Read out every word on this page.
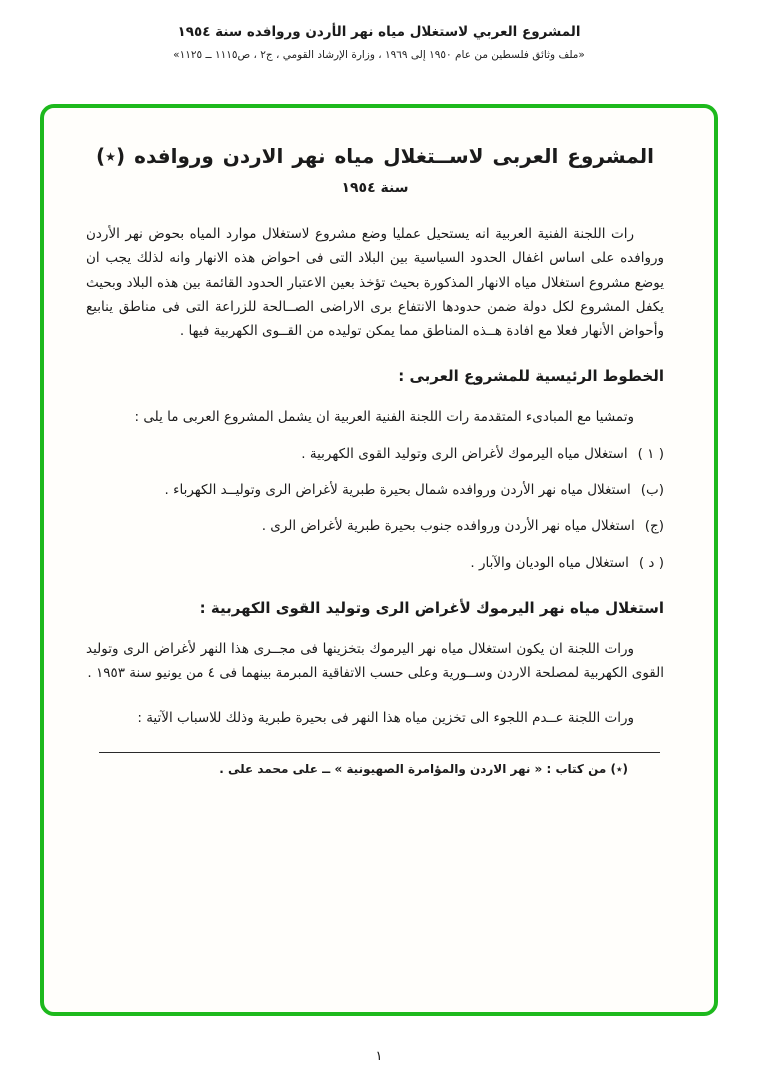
المشروع العربي لاستغلال مياه نهر الأردن وروافده سنة ١٩٥٤
«ملف وثائق فلسطين من عام ١٩٥٠ إلى ١٩٦٩ ، وزارة الإرشاد القومي ، ج٢ ، ص١١١٥ ــ ١١٢٥»
المشروع العربى لاســتغلال مياه نهر الاردن وروافده (٭)
سنة ١٩٥٤

رات اللجنة الفنية العربية انه يستحيل عمليا وضع مشروع لاستغلال موارد المياه بحوض نهر الأردن وروافده على اساس اغفال الحدود السياسية بين البلاد التى فى احواض هذه الانهار وانه لذلك يجب ان يوضع مشروع استغلال مياه الانهار المذكورة بحيث تؤخذ بعين الاعتبار الحدود القائمة بين هذه البلاد وبحيث يكفل المشروع لكل دولة ضمن حدودها الانتفاع برى الاراضى الصــالحة للزراعة التى فى مناطق ينابيع وأحواض الأنهار فعلا مع افادة هــذه المناطق مما يمكن توليده من القــوى الكهربية فيها .

الخطوط الرئيسية للمشروع العربى :

وتمشيا مع المبادىء المتقدمة رات اللجنة الفنية العربية ان يشمل المشروع العربى ما يلى :

( ١ )
استغلال مياه اليرموك لأغراض الرى وتوليد القوى الكهربية .
(ب)
استغلال مياه نهر الأردن وروافده شمال بحيرة طبرية لأغراض الرى وتوليــد الكهرباء .
(ج)
استغلال مياه نهر الأردن وروافده جنوب بحيرة طبرية لأغراض الرى .
( د )
استغلال مياه الوديان والآبار .
استغلال مياه نهر اليرموك لأغراض الرى وتوليد القوى الكهربية :

ورات اللجنة ان يكون استغلال مياه نهر اليرموك بتخزينها فى مجــرى هذا النهر لأغراض الرى وتوليد القوى الكهربية لمصلحة الاردن وســورية وعلى حسب الاتفاقية المبرمة بينهما فى ٤ من يونيو سنة ١٩٥٣ .

ورات اللجنة عــدم اللجوء الى تخزين مياه هذا النهر فى بحيرة طبرية وذلك للاسباب الآتية :

(٭) من كتاب : « نهر الاردن والمؤامرة الصهيونية » ــ على محمد على .
١
